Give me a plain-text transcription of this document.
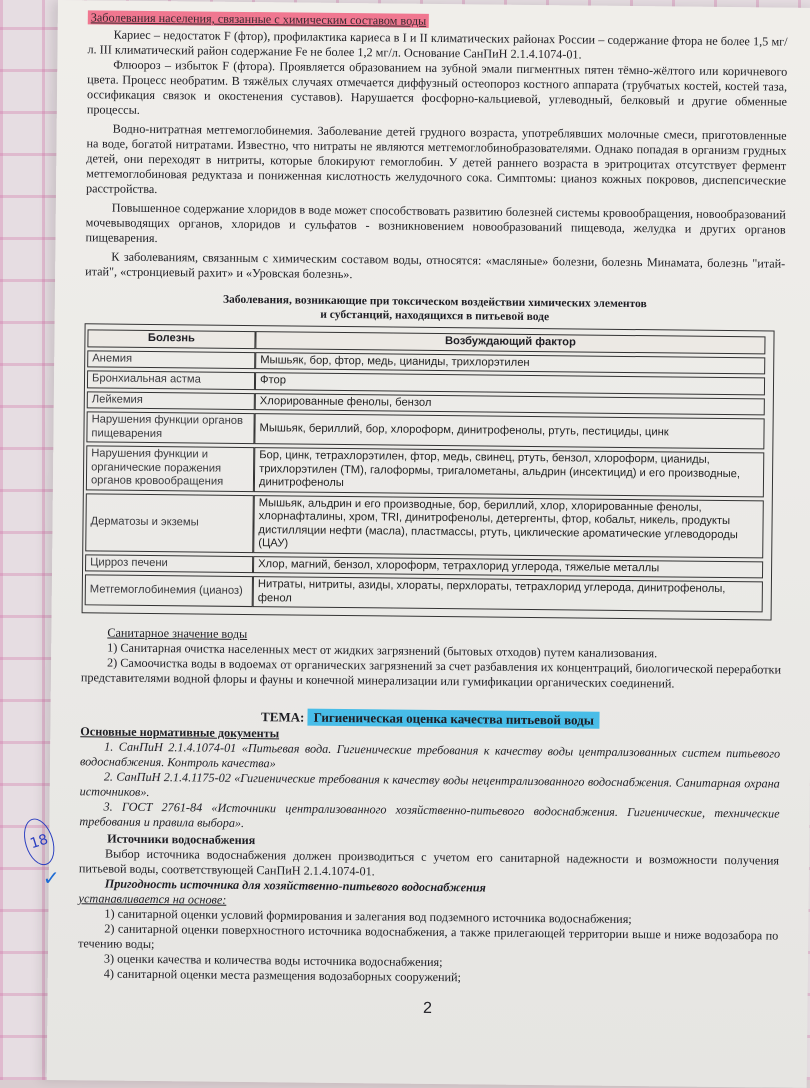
18
✓

Заболевания населения, связанные с химическим составом воды

Кариес – недостаток F (фтор), профилактика кариеса в I и II климатических районах России – содержание фтора не более 1,5 мг/л. III климатический район содержание Fe не более 1,2 мг/л. Основание СанПиН 2.1.4.1074-01.

Флюороз – избыток F (фтора). Проявляется образованием на зубной эмали пигментных пятен тёмно-жёлтого или коричневого цвета. Процесс необратим. В тяжёлых случаях отмечается диффузный остеопороз костного аппарата (трубчатых костей, костей таза, оссификация связок и окостенения суставов). Нарушается фосфорно-кальциевой, углеводный, белковый и другие обменные процессы.

Водно-нитратная метгемоглобинемия. Заболевание детей грудного возраста, употреблявших молочные смеси, приготовленные на воде, богатой нитратами. Известно, что нитраты не являются метгемоглобинобразователями. Однако попадая в организм грудных детей, они переходят в нитриты, которые блокируют гемоглобин. У детей раннего возраста в эритроцитах отсутствует фермент метгемоглобиновая редуктаза и пониженная кислотность желудочного сока. Симптомы: цианоз кожных покровов, диспепсические расстройства.

Повышенное содержание хлоридов в воде может способствовать развитию болезней системы кровообращения, новообразований мочевыводящих органов, хлоридов и сульфатов - возникновением новообразований пищевода, желудка и других органов пищеварения.

К заболеваниям, связанным с химическим составом воды, относятся: «масляные» болезни, болезнь Минамата, болезнь "итай-итай", «стронциевый рахит» и «Уровская болезнь».

Заболевания, возникающие при токсическом воздействии химических элементов
и субстанций, находящихся в питьевой воде
Болезнь	Возбуждающий фактор
Анемия	Мышьяк, бор, фтор, медь, цианиды, трихлорэтилен
Бронхиальная астма	Фтор
Лейкемия	Хлорированные фенолы, бензол
Нарушения функции органов пищеварения	Мышьяк, бериллий, бор, хлороформ, динитрофенолы, ртуть, пестициды, цинк
Нарушения функции и органические поражения органов кровообращения	Бор, цинк, тетрахлорэтилен, фтор, медь, свинец, ртуть, бензол, хлороформ, цианиды, трихлорэтилен (ТМ), галоформы, тригалометаны, альдрин (инсектицид) и его производные, динитрофенолы
Дерматозы и экземы	Мышьяк, альдрин и его производные, бор, бериллий, хлор, хлорированные фенолы, хлорнафталины, хром, TRI, динитрофенолы, детергенты, фтор, кобальт, никель, продукты дистилляции нефти (масла), пластмассы, ртуть, циклические ароматические углеводороды (ЦАУ)
Цирроз печени	Хлор, магний, бензол, хлороформ, тетрахлорид углерода, тяжелые металлы
Метгемоглобинемия (цианоз)	Нитраты, нитриты, азиды, хлораты, перхлораты, тетрахлорид углерода, динитрофенолы, фенол

Санитарное значение воды

1) Санитарная очистка населенных мест от жидких загрязнений (бытовых отходов) путем канализования.

2) Самоочистка воды в водоемах от органических загрязнений за счет разбавления их концентраций, биологической переработки представителями водной флоры и фауны и конечной минерализации или гумификации органических соединений.

ТЕМА: Гигиеническая оценка качества питьевой воды

Основные нормативные документы

1. СанПиН 2.1.4.1074-01 «Питьевая вода. Гигиенические требования к качеству воды централизованных систем питьевого водоснабжения. Контроль качества»

2. СанПиН 2.1.4.1175-02 «Гигиенические требования к качеству воды нецентрализованного водоснабжения. Санитарная охрана источников».

3. ГОСТ 2761-84 «Источники централизованного хозяйственно-питьевого водоснабжения. Гигиенические, технические требования и правила выбора».

Источники водоснабжения

Выбор источника водоснабжения должен производиться с учетом его санитарной надежности и возможности получения питьевой воды, соответствующей СанПиН 2.1.4.1074-01.

Пригодность источника для хозяйственно-питьевого водоснабжения

устанавливается на основе:

1) санитарной оценки условий формирования и залегания вод подземного источника водоснабжения;

2) санитарной оценки поверхностного источника водоснабжения, а также прилегающей территории выше и ниже водозабора по течению воды;

3) оценки качества и количества воды источника водоснабжения;

4) санитарной оценки места размещения водозаборных сооружений;

2
